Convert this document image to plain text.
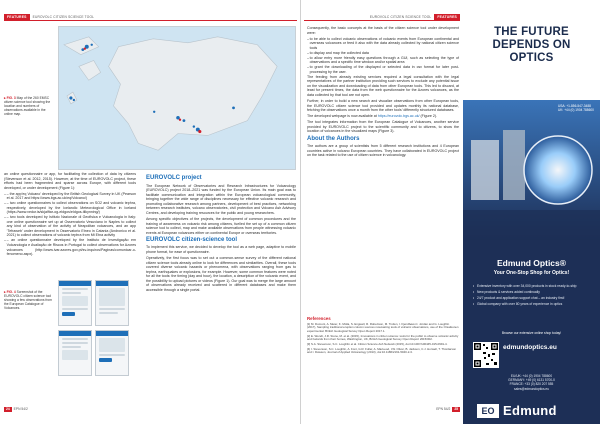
FEATURES EUROVOLC CITIZEN SCIENCE TOOL
▸ FIG. 3 Map of the 260 EMSC citizen science tool showing the location and numbers of observations available in the online map.
▸ FIG. 4 Screenshot of the EUROVOLC citizen science tool showing a few observations from the European Catalogue of Volcanoes.

an online questionnaire or app, for facilitating the collection of data by citizens (Stevenson et al. 2012, 2015). However, at the time of EUROVOLC project, these efforts had been fragmented and sparse across Europe, with different tools developed, or under development (Figure 1):

– – the app’eq Volcano’ developed by the British Geological Survey in UK (Pearson et al. 2017 and https://www.bgs.ac.uk/eq/Volcano/)
– – two online questionnaires to collect observations on SO2 and volcanic tephra, respectively, developed by the Icelandic Meteorological Office in Iceland (https://www.vedur.is/skjalftar-og-eldgos/eldgos-tilkynning/)
– – two tools developed by Istituto Nazionale di Geofisica e Vulcanologia in Italy: one online questionnaire set up at Osservatorio Vesuviano in Naples to collect any kind of observation of the activity of Neapolitan volcanoes, and an app ‘Tefraweb’ under development in Osservatorio Etneo in Catania (Andronico et al. 2021) to collect observations of volcanic tephra from Mt Etna activity
– – an online questionnaire developed by the Instituto de Investigação em Vulcanologia e Avaliação de Riscos in Portugal to collect observations for Azores volcanoes (http://www.ivar.azores.gov.pt/sv-inquiros/Paginas/comunicar-o-fenomeno.aspx).
EUROVOLC project

The European Network of Observatories and Research Infrastructures for Volcanology (EUROVOLC) project 2018–2021 was funded by the European Union. Its main goal was to facilitate communication and integration within the European volcanological community, bringing together the wide range of disciplines necessary for effective volcanic research and promoting collaborative research among partners, development of best practices, networking between research institutes, volcano observatories, civil protection and Volcano Ash Advisory Centres, and developing training resources for the public and young researchers.

Among specific objectives of the projects, the development of common procedures and the training of awareness on volcanic risk among citizens, fuelled the set up of a common citizen science tool to collect, map and make available observations from people witnessing volcanic events at European volcanoes either on continental Europe or overseas territories.

EUROVOLC citizen-science tool

To implement this service, we decided to develop the tool as a web page, adaptive to mobile phone format, for ease of questionnaire.

Operatively, the first focus was to set out a common-sense survey of the different national citizen science tools already online to look for differences and similarities. Overall, these tools covered diverse volcanic hazards or phenomena, with observations ranging from gas to tephra, earthquakes or explosions, for example. However, some common features were noted for all the tools: the timing (day and hour), the location, a description of the volcanic event, and the possibility to upload pictures or videos (Figure 1). Our goal was to merge the large amount of observations already received and scattered in different databases and make them accessible through a single portal.

24 EPN 54/2
EUROVOLC CITIZEN SCIENCE TOOL FEATURES

Consequently, the basic concepts at the basis of the citizen science tool under development were:

– to be able to collect volcanic observations of volcanic events from European continental and overseas volcanoes or feed it also with the data already collected by national citizen science tools
– to display and map the collected data
– to allow entry more friendly easy questions through a GUI, such as selecting the type of observations and a specific time window and/or spatial area
– to grant the downloading of the displayed or selected data in csv format for later post-processing by the user.

The feeding from already existing services required a legal consultation with the legal representatives of the partner institution providing such services to exclude any potential issue on the visualization and downloading of data from other European tools. This led to discard, at least for present times, the data from the web questionnaire for the Azores volcanoes, as the data collected by that tool are not open.

Further, in order to build a new search and visualize observations from other European tools, the EUROVOLC citizen science tool provided and updates monthly its national database, fetching the observations once a month from the other tools’ differently structured databases.

The developed webpage is now available at https://eurovolc.bgs.ac.uk/ (Figure 2).

The tool integrates information from the European Catalogue of Volcanoes, another service provided by EUROVOLC project to the scientific community and to citizens, to show the location of volcanoes in the visualized maps (Figure 3).

About the Authors

The authors are a group of scientists from 5 different research institutions and 4 European countries active in volcano European countries. They have collaborated in EUROVOLC project on the task related to the use of citizen science in volcanology.

References
[1] M. Dumont, A. Meier, K. Molla, S. Engwell, R. Robertson, M. Troilen, I. Fjendbøet-C. Jordan and G. Loughlin (2017), Sampling traditional eruption column sources nowcasting tools of volcanic observations, use of the Orsatkonen experimental. British Geological Survey Open Report 2017.1.
[2] E. Wendt, J.R. Stone, M. et al. (2015), Innovations in citizen science: tools for the public to observe volcanic activity and hazards from their homes, Washington, UK, British Geological Survey Open Report 2015/002.
[3] S.A. Stevenson, S.C. Loughlin et al. Citizen Science Ash Network (2015), doi:10.1007/s00445-015-0991-4.
[4] I. Stevenson, S.C. Loughlin, A. Font, G.R. Fuller, A. MacLeod, I.W. Oliver, B. Jackson, C.J. Horwell, T. Thordarson and I. Dawson, Journal of Applied Volcanology (2013), doi:10.1186/2191-5040-2-3.
EPN 54/2 25
THE FUTURE
DEPENDS ON
OPTICS
USA: +1-856-547-3488
UK: +44 (0) 1904 788600
Edmund Optics®
Your One-Stop Shop for Optics!
• Extensive inventory with over 34,000 products in stock ready-to-ship
• New products & services added continually
• 24/7 product and application support chat – an industry first!
• Global company with over 80 years of experience in optics
Browse our extensive online shop today!
edmundoptics.eu
EU/UK: +44 (0) 1904 788600
GERMANY: +49 (0) 6131 5700-0
FRANCE: +33 (0) 820 207 555
sales@edmundoptics.eu
EO Edmund
